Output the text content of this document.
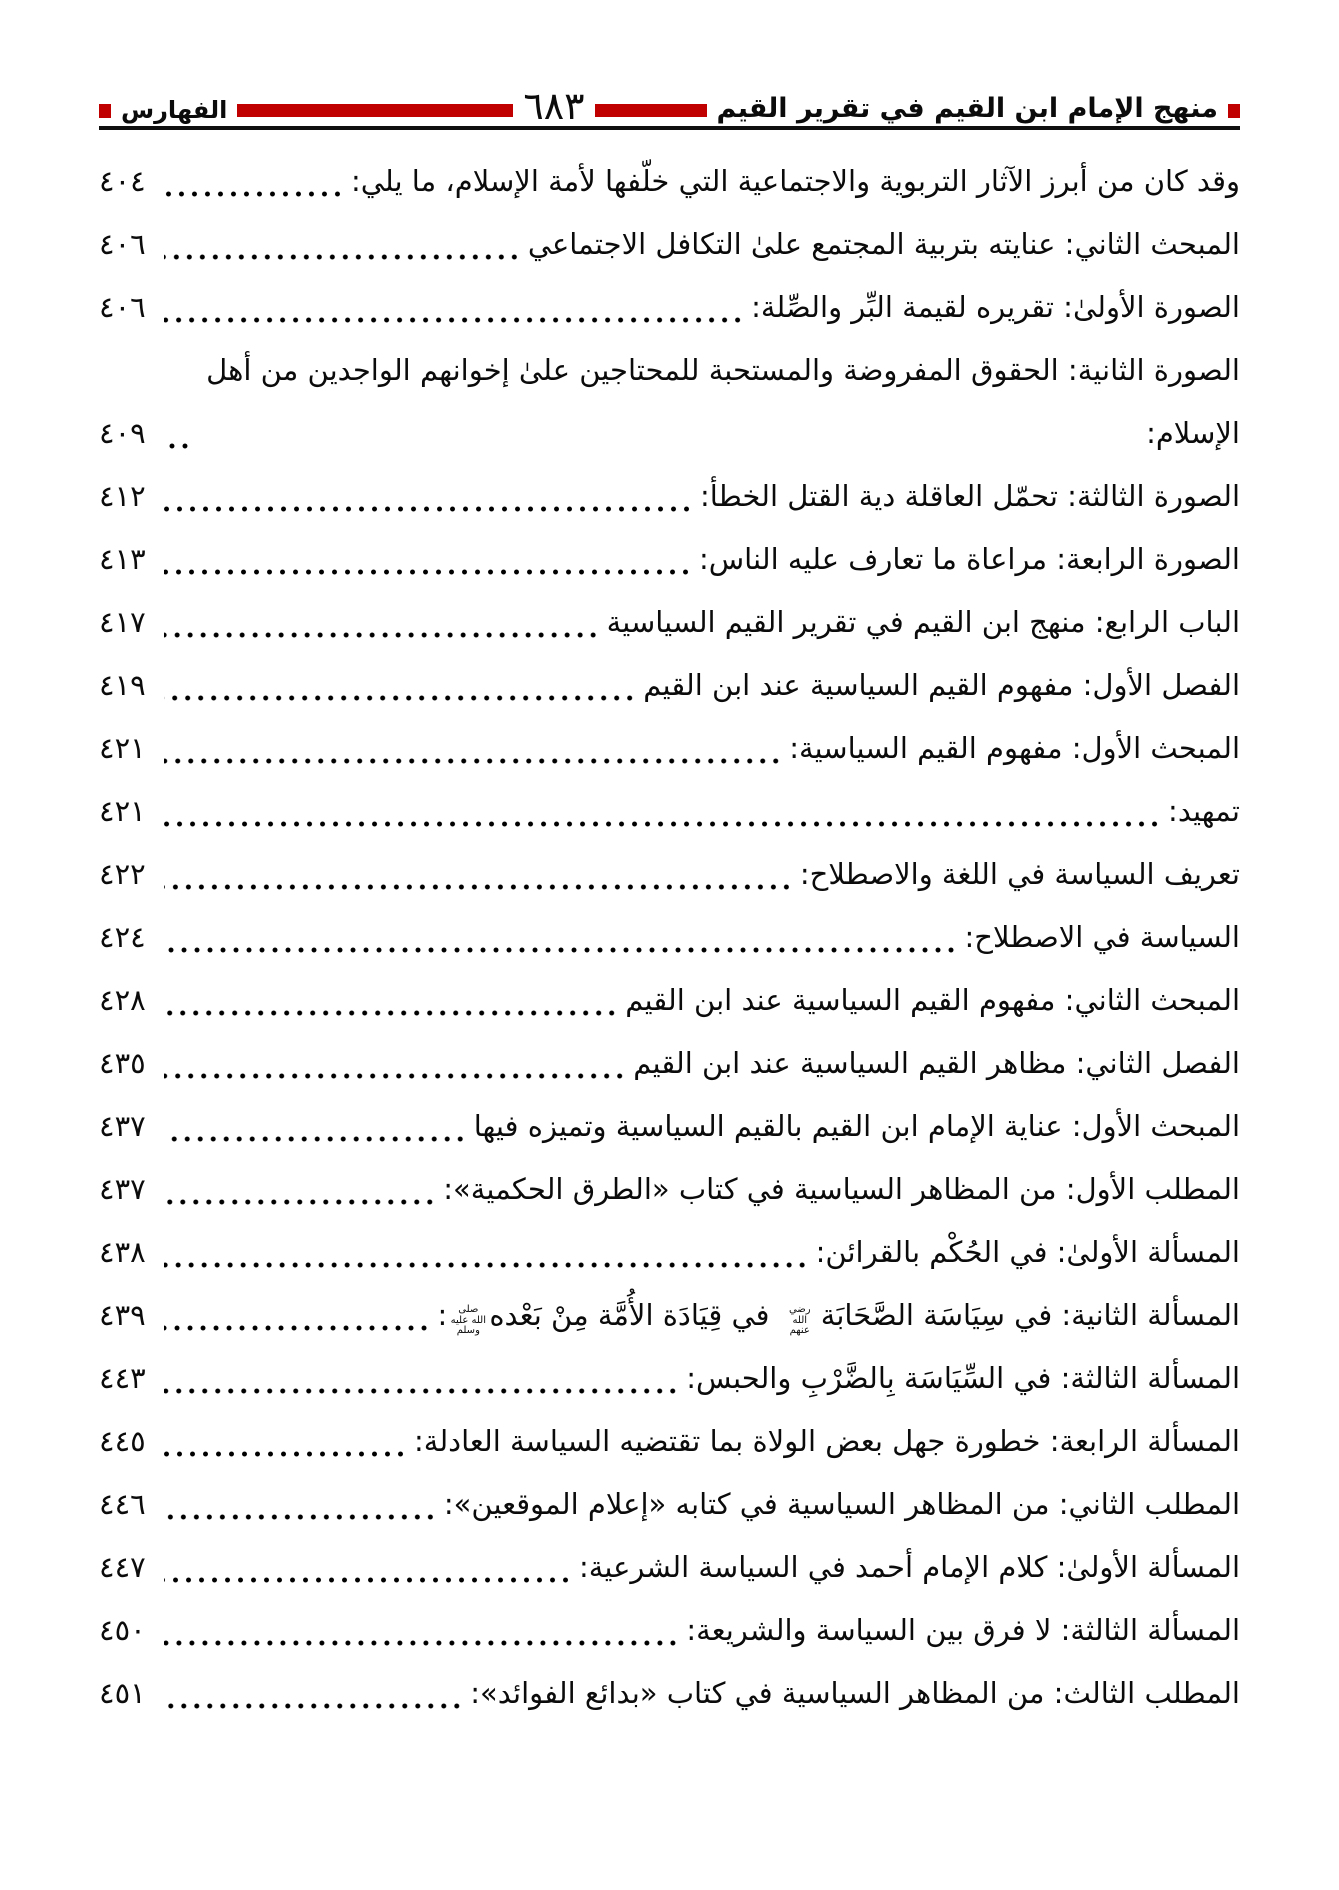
منهج الإمام ابن القيم في تقرير القيم
٦٨٣
الفهارس
وقد كان من أبرز الآثار التربوية والاجتماعية التي خلّفها لأمة الإسلام، ما يلي:
٤٠٤
المبحث الثاني: عنايته بتربية المجتمع علىٰ التكافل الاجتماعي
٤٠٦
الصورة الأولىٰ: تقريره لقيمة البِّر والصِّلة:
٤٠٦
الصورة الثانية: الحقوق المفروضة والمستحبة للمحتاجين علىٰ إخوانهم الواجدين من أهل الإسلام:
٤٠٩
الصورة الثالثة: تحمّل العاقلة دية القتل الخطأ:
٤١٢
الصورة الرابعة: مراعاة ما تعارف عليه الناس:
٤١٣
الباب الرابع: منهج ابن القيم في تقرير القيم السياسية
٤١٧
الفصل الأول: مفهوم القيم السياسية عند ابن القيم
٤١٩
المبحث الأول: مفهوم القيم السياسية:
٤٢١
تمهيد:
٤٢١
تعريف السياسة في اللغة والاصطلاح:
٤٢٢
السياسة في الاصطلاح:
٤٢٤
المبحث الثاني: مفهوم القيم السياسية عند ابن القيم
٤٢٨
الفصل الثاني: مظاهر القيم السياسية عند ابن القيم
٤٣٥
المبحث الأول: عناية الإمام ابن القيم بالقيم السياسية وتميزه فيها
٤٣٧
المطلب الأول: من المظاهر السياسية في كتاب «الطرق الحكمية»:
٤٣٧
المسألة الأولىٰ: في الحُكْم بالقرائن:
٤٣٨
المسألة الثانية: في سِيَاسَة الصَّحَابَةرضي الله عنهم في قِيَادَة الأُمَّة مِنْ بَعْدهصلى الله عليه وسلم:
٤٣٩
المسألة الثالثة: في السِّيَاسَة بِالضَّرْبِ والحبس:
٤٤٣
المسألة الرابعة: خطورة جهل بعض الولاة بما تقتضيه السياسة العادلة:
٤٤٥
المطلب الثاني: من المظاهر السياسية في كتابه «إعلام الموقعين»:
٤٤٦
المسألة الأولىٰ: كلام الإمام أحمد في السياسة الشرعية:
٤٤٧
المسألة الثالثة: لا فرق بين السياسة والشريعة:
٤٥٠
المطلب الثالث: من المظاهر السياسية في كتاب «بدائع الفوائد»:
٤٥١
